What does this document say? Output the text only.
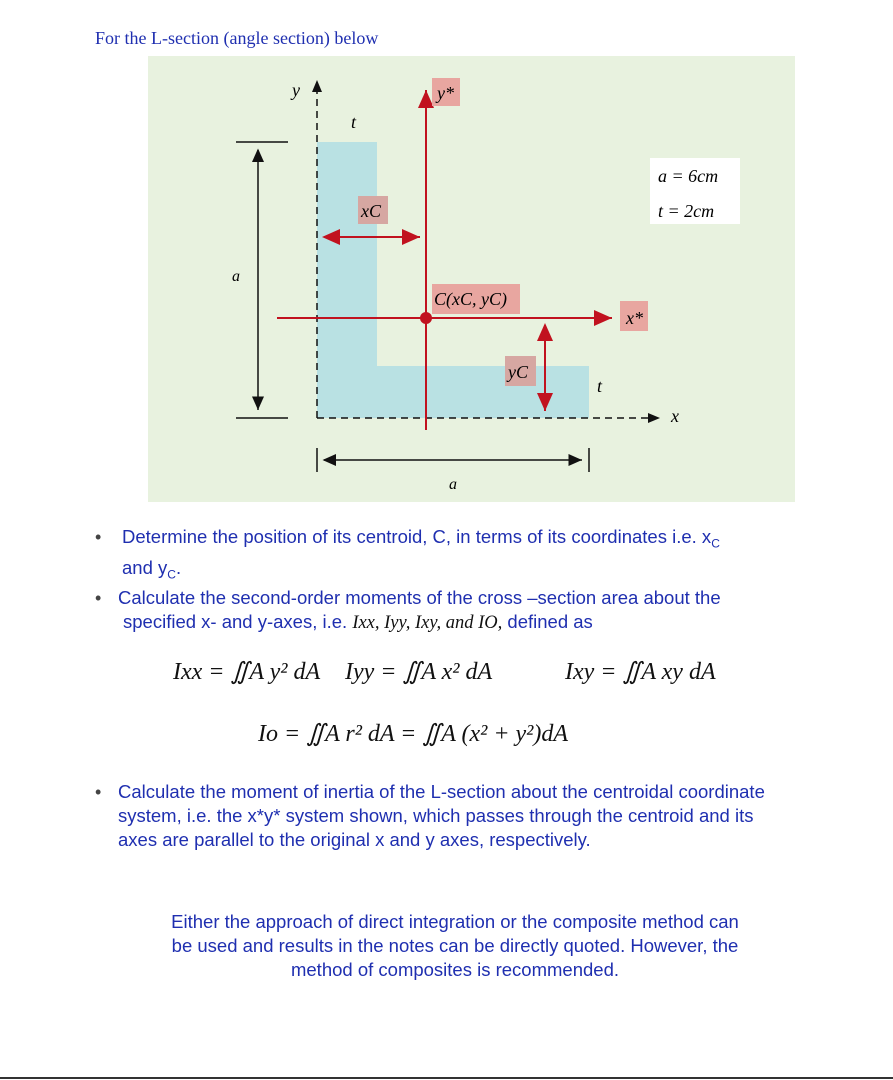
For the L-section (angle section) below
y
x
t
t
a
a
y*
x*
xC
yC
C(xC, yC)
a = 6cm
t = 2cm
• Determine the position of its centroid, C, in terms of its coordinates i.e. $x_C$
and $y_C$.
• Calculate the second-order moments of the cross –section area about the
specified x- and y-axes, i.e. Ixx, Iyy, Ixy, and IO, defined as
Ixx = ∬A y² dA Iyy = ∬A x² dA	Ixy = ∬A xy dA
Io = ∬A r² dA = ∬A (x² + y²)dA
• Calculate the moment of inertia of the L-section about the centroidal coordinate
system, i.e. the x*y* system shown, which passes through the centroid and its
axes are parallel to the original x and y axes, respectively.
Either the approach of direct integration or the composite method can
be used and results in the notes can be directly quoted. However, the
method of composites is recommended.
